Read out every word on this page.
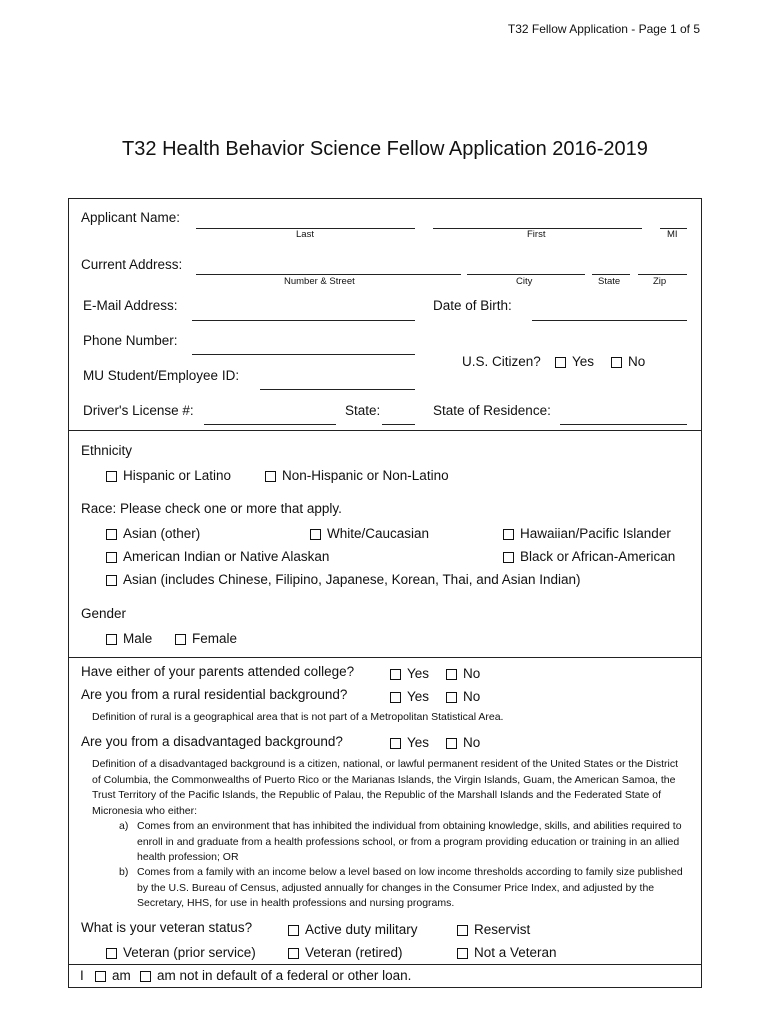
T32 Fellow Application - Page 1 of 5
T32 Health Behavior Science Fellow Application 2016-2019
Applicant Name:
Last	First	MI
Current Address:
Number & Street	City	State	Zip
E-Mail Address:	Date of Birth:
Phone Number:
U.S. Citizen? Yes	No
MU Student/Employee ID:
Driver's License #:	State:	State of Residence:
Ethnicity
Hispanic or Latino	Non-Hispanic or Non-Latino
Race: Please check one or more that apply.
Asian (other)	White/Caucasian	Hawaiian/Pacific Islander
American Indian or Native Alaskan	Black or African-American
Asian (includes Chinese, Filipino, Japanese, Korean, Thai, and Asian Indian)
Gender
Male	Female
Have either of your parents attended college?	Yes	No
Are you from a rural residential background?	Yes	No
Definition of rural is a geographical area that is not part of a Metropolitan Statistical Area.
Are you from a disadvantaged background?	Yes	No
Definition of a disadvantaged background is a citizen, national, or lawful permanent resident of the United States or the District of Columbia, the Commonwealths of Puerto Rico or the Marianas Islands, the Virgin Islands, Guam, the American Samoa, the Trust Territory of the Pacific Islands, the Republic of Palau, the Republic of the Marshall Islands and the Federated State of Micronesia who either:
a) Comes from an environment that has inhibited the individual from obtaining knowledge, skills, and abilities required to enroll in and graduate from a health professions school, or from a program providing education or training in an allied health profession; OR
b) Comes from a family with an income below a level based on low income thresholds according to family size published by the U.S. Bureau of Census, adjusted annually for changes in the Consumer Price Index, and adjusted by the Secretary, HHS, for use in health professions and nursing programs.
What is your veteran status?	Active duty military	Reservist
Veteran (prior service)	Veteran (retired)	Not a Veteran
I am am not in default of a federal or other loan.
